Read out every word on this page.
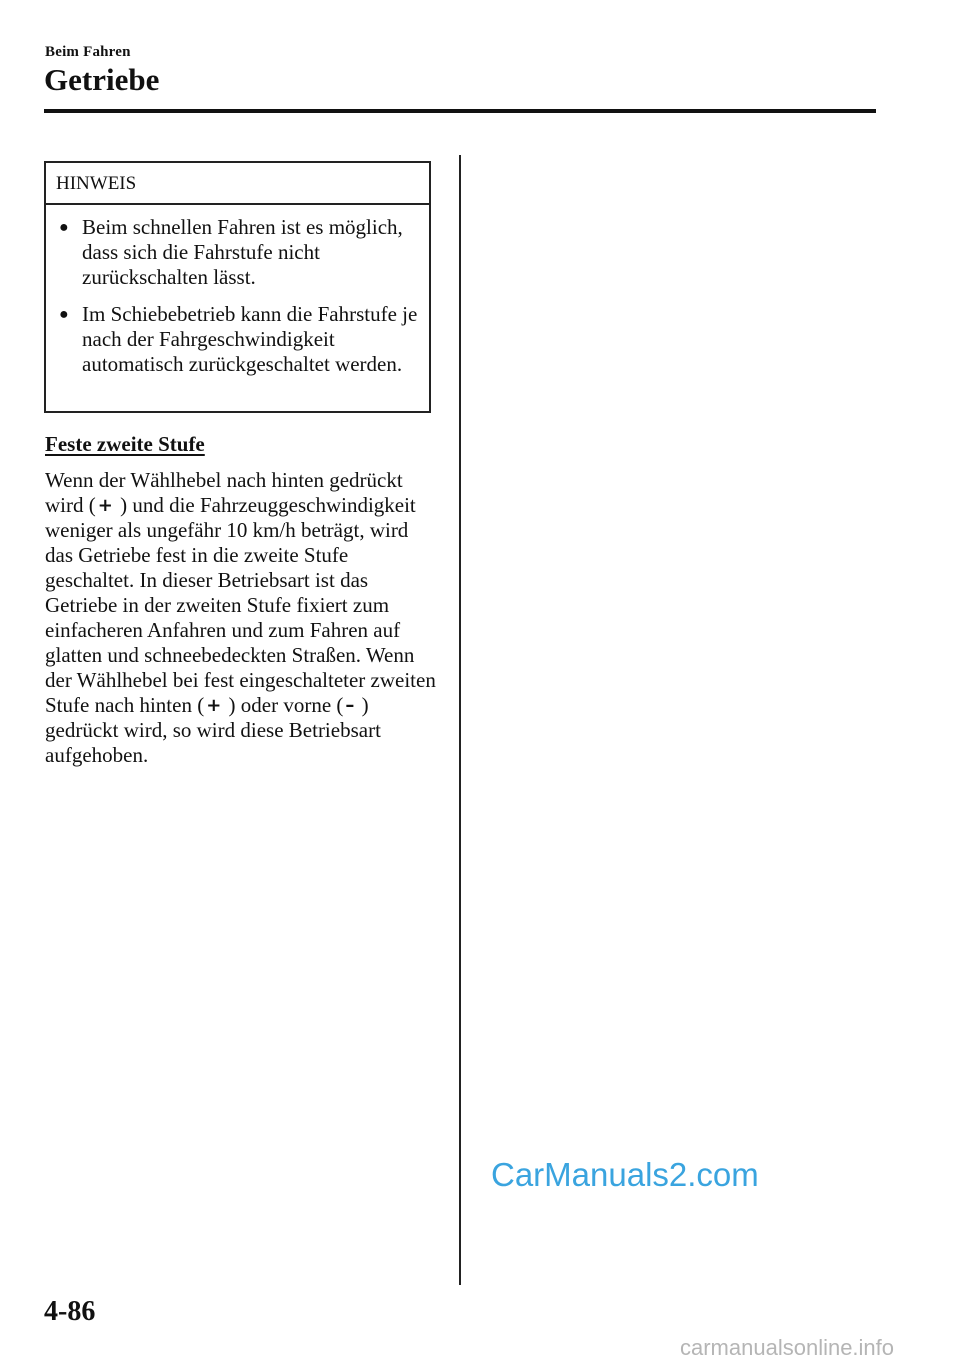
Beim Fahren
Getriebe
HINWEIS
● Beim schnellen Fahren ist es möglich, dass sich die Fahrstufe nicht zurückschalten lässt.
● Im Schiebebetrieb kann die Fahrstufe je nach der Fahrgeschwindigkeit automatisch zurückgeschaltet werden.
Feste zweite Stufe

Wenn der Wählhebel nach hinten gedrückt wird ( + ) und die Fahrzeuggeschwindigkeit weniger als ungefähr 10 km/h beträgt, wird das Getriebe fest in die zweite Stufe geschaltet. In dieser Betriebsart ist das Getriebe in der zweiten Stufe fixiert zum einfacheren Anfahren und zum Fahren auf glatten und schneebedeckten Straßen. Wenn der Wählhebel bei fest eingeschalteter zweiten Stufe nach hinten ( + ) oder vorne ( – ) gedrückt wird, so wird diese Betriebsart aufgehoben.

CarManuals2.com
4-86
carmanualsonline.info
